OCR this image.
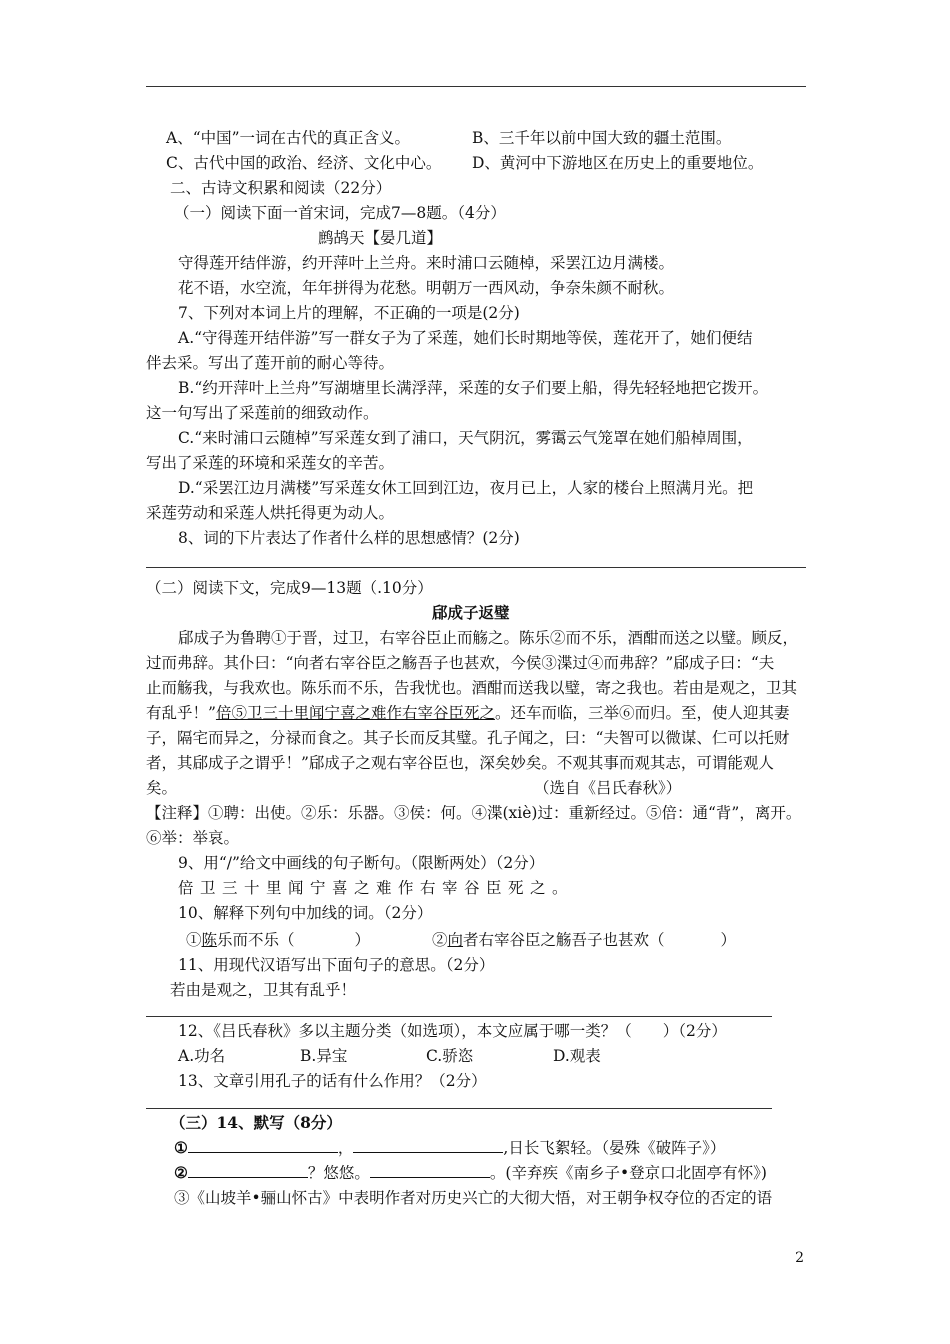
A、“中国”一词在古代的真正含义。	B、三千年以前中国大致的疆土范围。
C、古代中国的政治、经济、文化中心。 D、黄河中下游地区在历史上的重要地位。
二、古诗文积累和阅读（22分）
（一）阅读下面一首宋词，完成7—8题。（4分）
鹧鸪天【晏几道】
守得莲开结伴游，约开萍叶上兰舟。来时浦口云随棹，采罢江边月满楼。
花不语，水空流，年年拼得为花愁。明朝万一西风动，争奈朱颜不耐秋。
7、下列对本词上片的理解，不正确的一项是(2分)
A.“守得莲开结伴游”写一群女子为了采莲，她们长时期地等侯，莲花开了，她们便结
伴去采。写出了莲开前的耐心等待。
B.“约开萍叶上兰舟”写湖塘里长满浮萍，采莲的女子们要上船，得先轻轻地把它拨开。
这一句写出了采莲前的细致动作。
C.“来时浦口云随棹”写采莲女到了浦口，天气阴沉，雾霭云气笼罩在她们船棹周围，
写出了采莲的环境和采莲女的辛苦。
D.“采罢江边月满楼”写采莲女休工回到江边，夜月已上，人家的楼台上照满月光。把
采莲劳动和采莲人烘托得更为动人。
8、词的下片表达了作者什么样的思想感情？(2分)
（二）阅读下文，完成9—13题（.10分）
郈成子返璧
郈成子为鲁聘①于晋，过卫，右宰谷臣止而觞之。陈乐②而不乐，酒酣而送之以璧。顾反，
过而弗辞。其仆曰：“向者右宰谷臣之觞吾子也甚欢，今侯③渫过④而弗辞？”郈成子曰：“夫
止而觞我，与我欢也。陈乐而不乐，告我忧也。酒酣而送我以璧，寄之我也。若由是观之，卫其
有乱乎！”倍⑤卫三十里闻宁喜之难作右宰谷臣死之。还车而临，三举⑥而归。至，使人迎其妻
子，隔宅而异之，分禄而食之。其子长而反其璧。孔子闻之，曰：“夫智可以微谋、仁可以托财
者，其郈成子之谓乎！”郈成子之观右宰谷臣也，深矣妙矣。不观其事而观其志，可谓能观人
矣。	（选自《吕氏春秋》）
【注释】①聘：出使。②乐：乐器。③侯：何。④渫(xiè)过：重新经过。⑤倍：通“背”，离开。
⑥举：举哀。
9、用“/”给文中画线的句子断句。（限断两处）（2分）
倍卫三十里闻宁喜之难作右宰谷臣死之。
10、解释下列句中加线的词。（2分）
①陈乐而不乐（	）	②向者右宰谷臣之觞吾子也甚欢（	）
11、用现代汉语写出下面句子的意思。（2分）
若由是观之，卫其有乱乎！
12、《吕氏春秋》多以主题分类（如选项），本文应属于哪一类？（　　）（2分）
A.功名	B.异宝	C.骄恣	D.观表
13、文章引用孔子的话有什么作用？（2分）
（三）14、默写（8分）
①	，	,日长飞絮轻。（晏殊《破阵子》）
②	？悠悠。	。(辛弃疾《南乡子•登京口北固亭有怀》)
③《山坡羊•骊山怀古》中表明作者对历史兴亡的大彻大悟，对王朝争权夺位的否定的语
2
